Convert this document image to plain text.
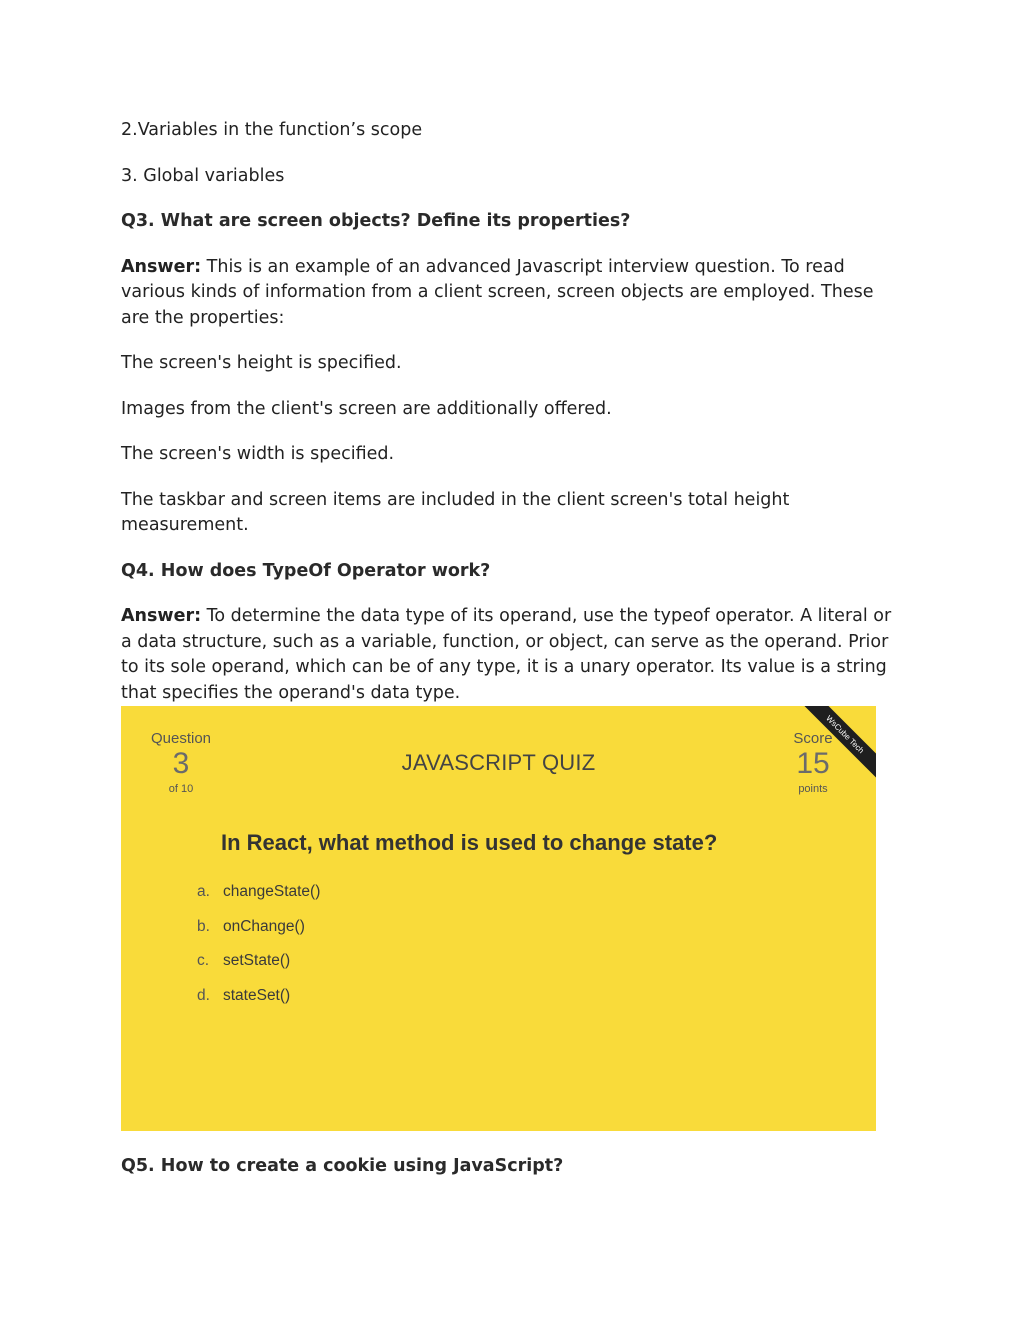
2.Variables in the function’s scope

3. Global variables

Q3. What are screen objects? Define its properties?

Answer: This is an example of an advanced Javascript interview question. To read various kinds of information from a client screen, screen objects are employed. These are the properties:

The screen's height is specified.

Images from the client's screen are additionally offered.

The screen's width is specified.

The taskbar and screen items are included in the client screen's total height measurement.

Q4. How does TypeOf Operator work?

Answer: To determine the data type of its operand, use the typeof operator. A literal or a data structure, such as a variable, function, or object, can serve as the operand. Prior to its sole operand, which can be of any type, it is a unary operator. Its value is a string that specifies the operand's data type.

Question
3
of 10
JAVASCRIPT QUIZ
Score
15
points
WsCube Tech
In React, what method is used to change state?
a. changeState()
b. onChange()
c. setState()
d. stateSet()

Q5. How to create a cookie using JavaScript?
